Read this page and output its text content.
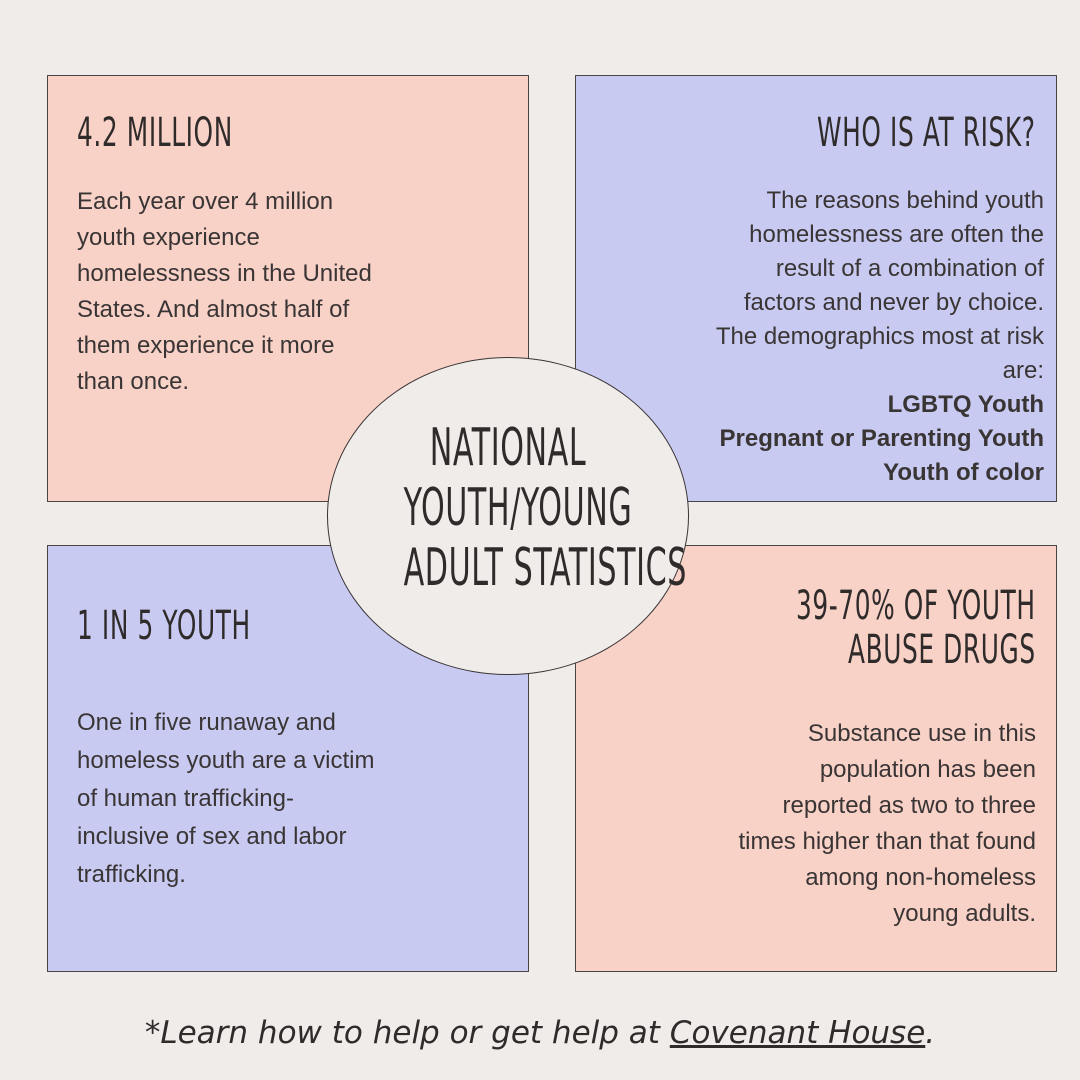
4.2 MILLION
Each year over 4 million youth experience homelessness in the United States. And almost half of them experience it more than once.
WHO IS AT RISK?
The reasons behind youth homelessness are often the result of a combination of factors and never by choice. The demographics most at risk are:
LGBTQ Youth
Pregnant or Parenting Youth
Youth of color
1 IN 5 YOUTH
One in five runaway and homeless youth are a victim of human trafficking- inclusive of sex and labor trafficking.
39-70% OF YOUTH
ABUSE DRUGS
Substance use in this population has been reported as two to three times higher than that found among non-homeless young adults.
NATIONAL
YOUTH/YOUNG
ADULT STATISTICS
*Learn how to help or get help at Covenant House.
